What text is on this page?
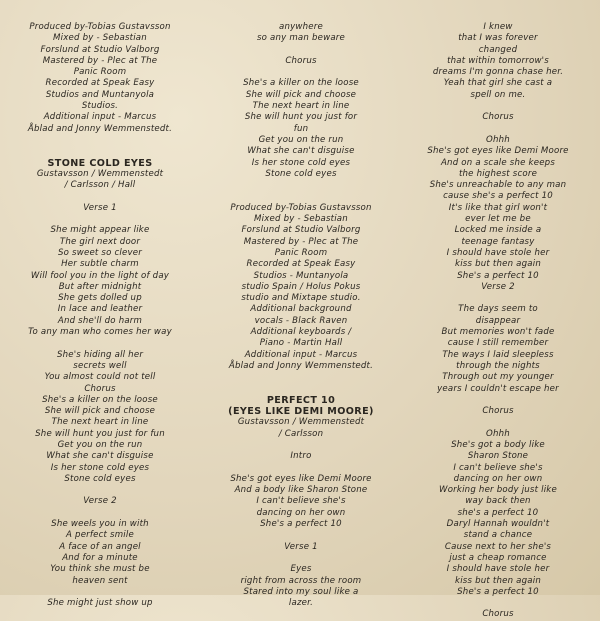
Produced by-Tobias Gustavsson
Mixed by - Sebastian
Forslund at Studio Valborg
Mastered by - Plec at The
Panic Room
Recorded at Speak Easy
Studios and Muntanyola
Studios.
Additional input - Marcus
Åblad and Jonny Wemmenstedt.
STONE COLD EYES
Gustavsson / Wemmenstedt
/ Carlsson / Hall
Verse 1
She might appear like
The girl next door
So sweet so clever
Her subtle charm
Will fool you in the light of day
But after midnight
She gets dolled up
In lace and leather
And she'll do harm
To any man who comes her way
She's hiding all her
secrets well
You almost could not tell
Chorus
She's a killer on the loose
She will pick and choose
The next heart in line
She will hunt you just for fun
Get you on the run
What she can't disguise
Is her stone cold eyes
Stone cold eyes
Verse 2
She weels you in with
A perfect smile
A face of an angel
And for a minute
You think she must be
heaven sent
She might just show up
anywhere
so any man beware
Chorus
She's a killer on the loose
She will pick and choose
The next heart in line
She will hunt you just for
fun
Get you on the run
What she can't disguise
Is her stone cold eyes
Stone cold eyes
Produced by-Tobias Gustavsson
Mixed by - Sebastian
Forslund at Studio Valborg
Mastered by - Plec at The
Panic Room
Recorded at Speak Easy
Studios - Muntanyola
studio Spain / Holus Pokus
studio and Mixtape studio.
Additional background
vocals - Black Raven
Additional keyboards /
Piano - Martin Hall
Additional input - Marcus
Åblad and Jonny Wemmenstedt.
PERFECT 10
(EYES LIKE DEMI MOORE)
Gustavsson / Wemmenstedt
/ Carlsson
Intro
She's got eyes like Demi Moore
And a body like Sharon Stone
I can't believe she's
dancing on her own
She's a perfect 10
Verse 1
Eyes
right from across the room
Stared into my soul like a
lazer.
I knew
that I was forever
changed
that within tomorrow's
dreams I'm gonna chase her.
Yeah that girl she cast a
spell on me.
Chorus
Ohhh
She's got eyes like Demi Moore
And on a scale she keeps
the highest score
She's unreachable to any man
cause she's a perfect 10
It's like that girl won't
ever let me be
Locked me inside a
teenage fantasy
I should have stole her
kiss but then again
She's a perfect 10
Verse 2
The days seem to
disappear
But memories won't fade
cause I still remember
The ways I laid sleepless
through the nights
Through out my younger
years I couldn't escape her
Chorus
Ohhh
She's got a body like
Sharon Stone
I can't believe she's
dancing on her own
Working her body just like
way back then
she's a perfect 10
Daryl Hannah wouldn't
stand a chance
Cause next to her she's
just a cheap romance
I should have stole her
kiss but then again
She's a perfect 10
Chorus
